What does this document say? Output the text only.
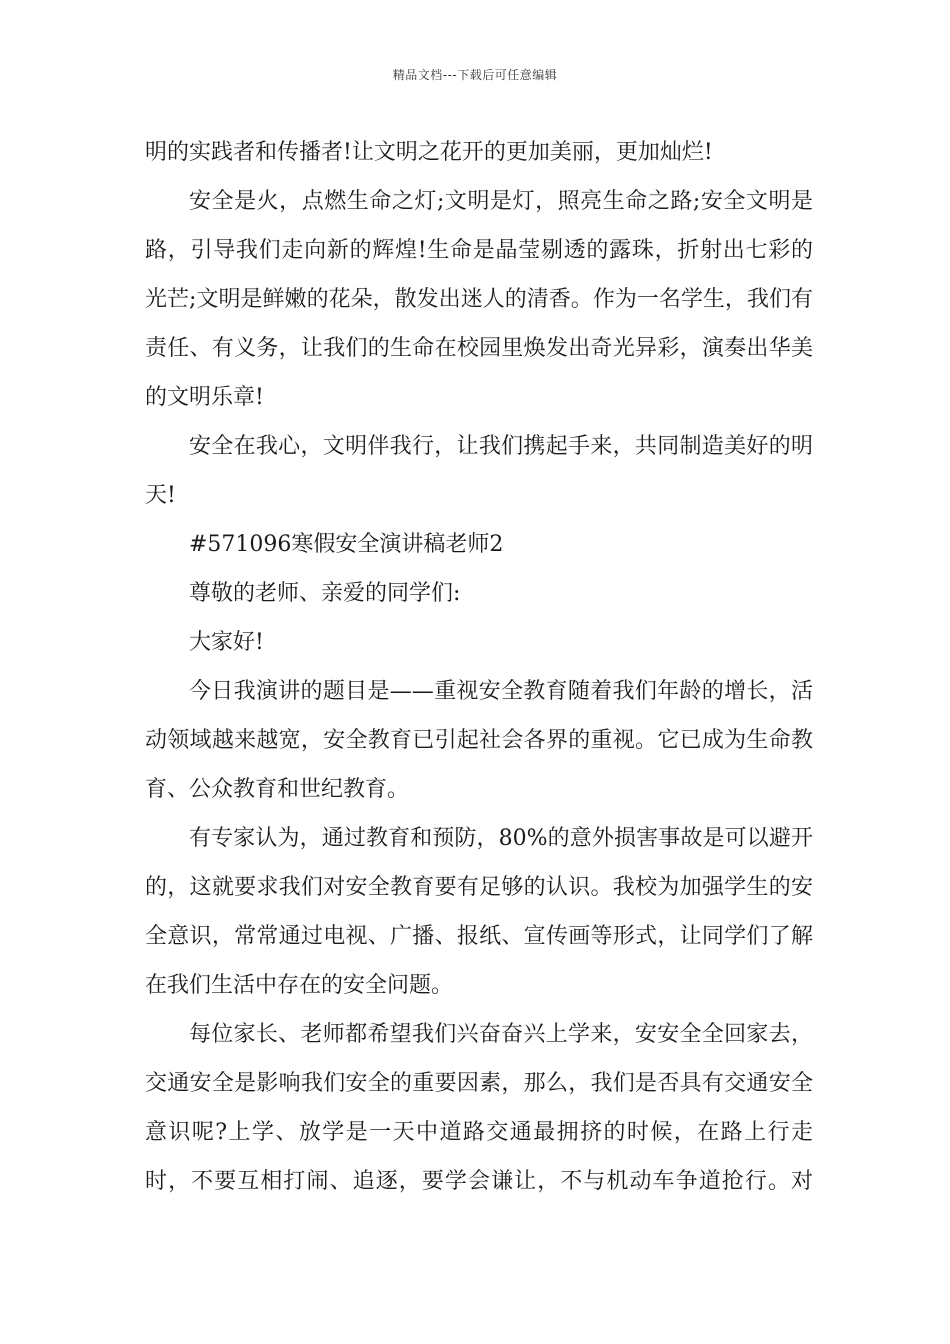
精品文档---下载后可任意编辑

明的实践者和传播者!让文明之花开的更加美丽，更加灿烂!

安全是火，点燃生命之灯;文明是灯，照亮生命之路;安全文明是路，引导我们走向新的辉煌!生命是晶莹剔透的露珠，折射出七彩的光芒;文明是鲜嫩的花朵，散发出迷人的清香。作为一名学生，我们有责任、有义务，让我们的生命在校园里焕发出奇光异彩，演奏出华美的文明乐章!

安全在我心，文明伴我行，让我们携起手来，共同制造美好的明天!

#571096寒假安全演讲稿老师2

尊敬的老师、亲爱的同学们:

大家好!

今日我演讲的题目是——重视安全教育随着我们年龄的增长，活动领域越来越宽，安全教育已引起社会各界的重视。它已成为生命教育、公众教育和世纪教育。

有专家认为，通过教育和预防，80%的意外损害事故是可以避开的，这就要求我们对安全教育要有足够的认识。我校为加强学生的安全意识，常常通过电视、广播、报纸、宣传画等形式，让同学们了解在我们生活中存在的安全问题。

每位家长、老师都希望我们兴奋奋兴上学来，安安全全回家去，交通安全是影响我们安全的重要因素，那么，我们是否具有交通安全意识呢?上学、放学是一天中道路交通最拥挤的时候，在路上行走时，不要互相打闹、追逐，要学会谦让，不与机动车争道抢行。对
